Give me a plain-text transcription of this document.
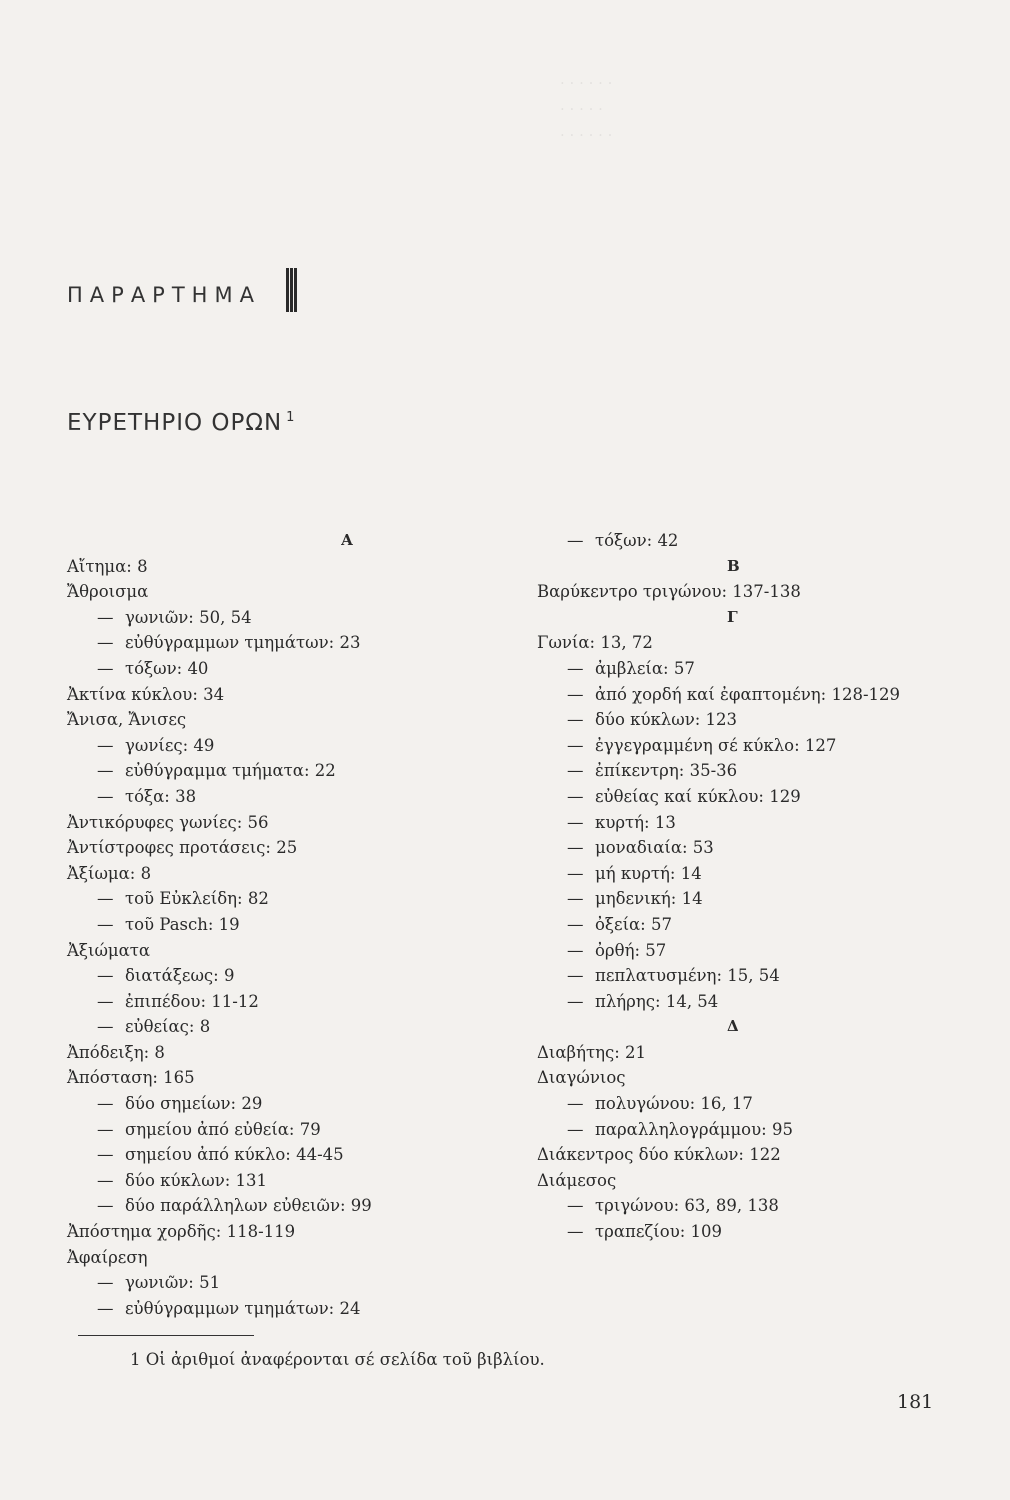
· · · · · ·
· · · · ·
· · · · · ·
ΠΑΡΑΡΤΗΜΑ
ΕΥΡΕΤΗΡΙΟ ΟΡΩΝ $^1$
Α
Αἴτημα: 8
Ἄθροισμα
— γωνιῶν: 50, 54
— εὐθύγραμμων τμημάτων: 23
— τόξων: 40
Ἀκτίνα κύκλου: 34
Ἄνισα, Ἄνισες
— γωνίες: 49
— εὐθύγραμμα τμήματα: 22
— τόξα: 38
Ἀντικόρυφες γωνίες: 56
Ἀντίστροφες προτάσεις: 25
Ἀξίωμα: 8
— τοῦ Εὐκλείδη: 82
— τοῦ Pasch: 19
Ἀξιώματα
— διατάξεως: 9
— ἐπιπέδου: 11-12
— εὐθείας: 8
Ἀπόδειξη: 8
Ἀπόσταση: 165
— δύο σημείων: 29
— σημείου ἀπό εὐθεία: 79
— σημείου ἀπό κύκλο: 44-45
— δύο κύκλων: 131
— δύο παράλληλων εὐθειῶν: 99
Ἀπόστημα χορδῆς: 118-119
Ἀφαίρεση
— γωνιῶν: 51
— εὐθύγραμμων τμημάτων: 24
— τόξων: 42
Β
Βαρύκεντρο τριγώνου: 137-138
Γ
Γωνία: 13, 72
— ἀμβλεία: 57
— ἀπό χορδή καί ἐφαπτομένη: 128-129
— δύο κύκλων: 123
— ἐγγεγραμμένη σέ κύκλο: 127
— ἐπίκεντρη: 35-36
— εὐθείας καί κύκλου: 129
— κυρτή: 13
— μοναδιαία: 53
— μή κυρτή: 14
— μηδενική: 14
— ὀξεία: 57
— ὀρθή: 57
— πεπλατυσμένη: 15, 54
— πλήρης: 14, 54
Δ
Διαβήτης: 21
Διαγώνιος
— πολυγώνου: 16, 17
— παραλληλογράμμου: 95
Διάκεντρος δύο κύκλων: 122
Διάμεσος
— τριγώνου: 63, 89, 138
— τραπεζίου: 109
1 Οἱ ἀριθμοί ἀναφέρονται σέ σελίδα τοῦ βιβλίου.
181
